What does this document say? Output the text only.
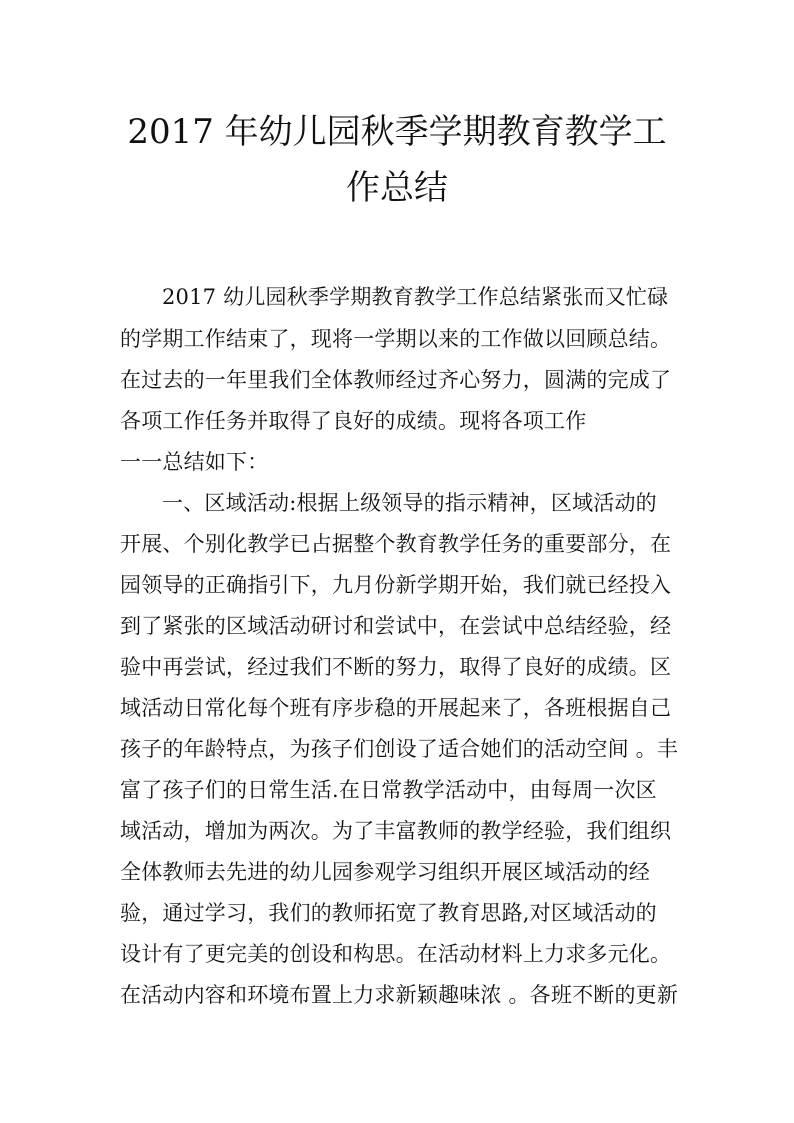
2017 年幼儿园秋季学期教育教学工
作总结
2017 幼儿园秋季学期教育教学工作总结紧张而又忙碌
的学期工作结束了，现将一学期以来的工作做以回顾总结。
在过去的一年里我们全体教师经过齐心努力，圆满的完成了
各项工作任务并取得了良好的成绩。现将各项工作
一一总结如下：
一、区域活动:根据上级领导的指示精神，区域活动的
开展、个别化教学已占据整个教育教学任务的重要部分，在
园领导的正确指引下，九月份新学期开始，我们就已经投入
到了紧张的区域活动研讨和尝试中，在尝试中总结经验，经
验中再尝试，经过我们不断的努力，取得了良好的成绩。区
域活动日常化每个班有序步稳的开展起来了，各班根据自己
孩子的年龄特点，为孩子们创设了适合她们的活动空间 。丰
富了孩子们的日常生活.在日常教学活动中，由每周一次区
域活动，增加为两次。为了丰富教师的教学经验，我们组织
全体教师去先进的幼儿园参观学习组织开展区域活动的经
验，通过学习，我们的教师拓宽了教育思路,对区域活动的
设计有了更完美的创设和构思。在活动材料上力求多元化。
在活动内容和环境布置上力求新颖趣味浓 。各班不断的更新
